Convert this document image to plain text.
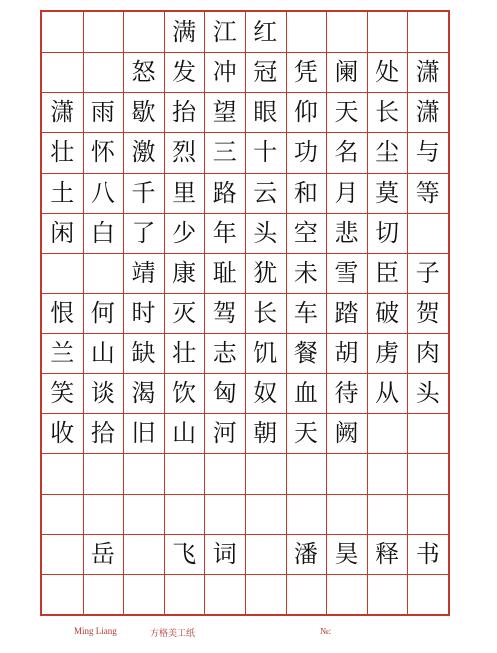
潇
潇
与
等
子
贺
肉
头
书
处
长
尘
莫
切
臣
破
虏
从
释
阑
天
名
月
悲
雪
踏
胡
待
阙
昊
凭
仰
功
和
空
未
车
餐
血
天
潘
红
冠
眼
十
云
头
犹
长
饥
奴
朝
江
冲
望
三
路
年
耻
驾
志
匈
河
词
满
发
抬
烈
里
少
康
灭
壮
饮
山
飞
怒
歇
激
千
了
靖
时
缺
渴
旧
雨
怀
八
白
何
山
谈
拾
岳
潇
壮
土
闲
恨
兰
笑
收
Ming Liang	方格美工纸	№:
